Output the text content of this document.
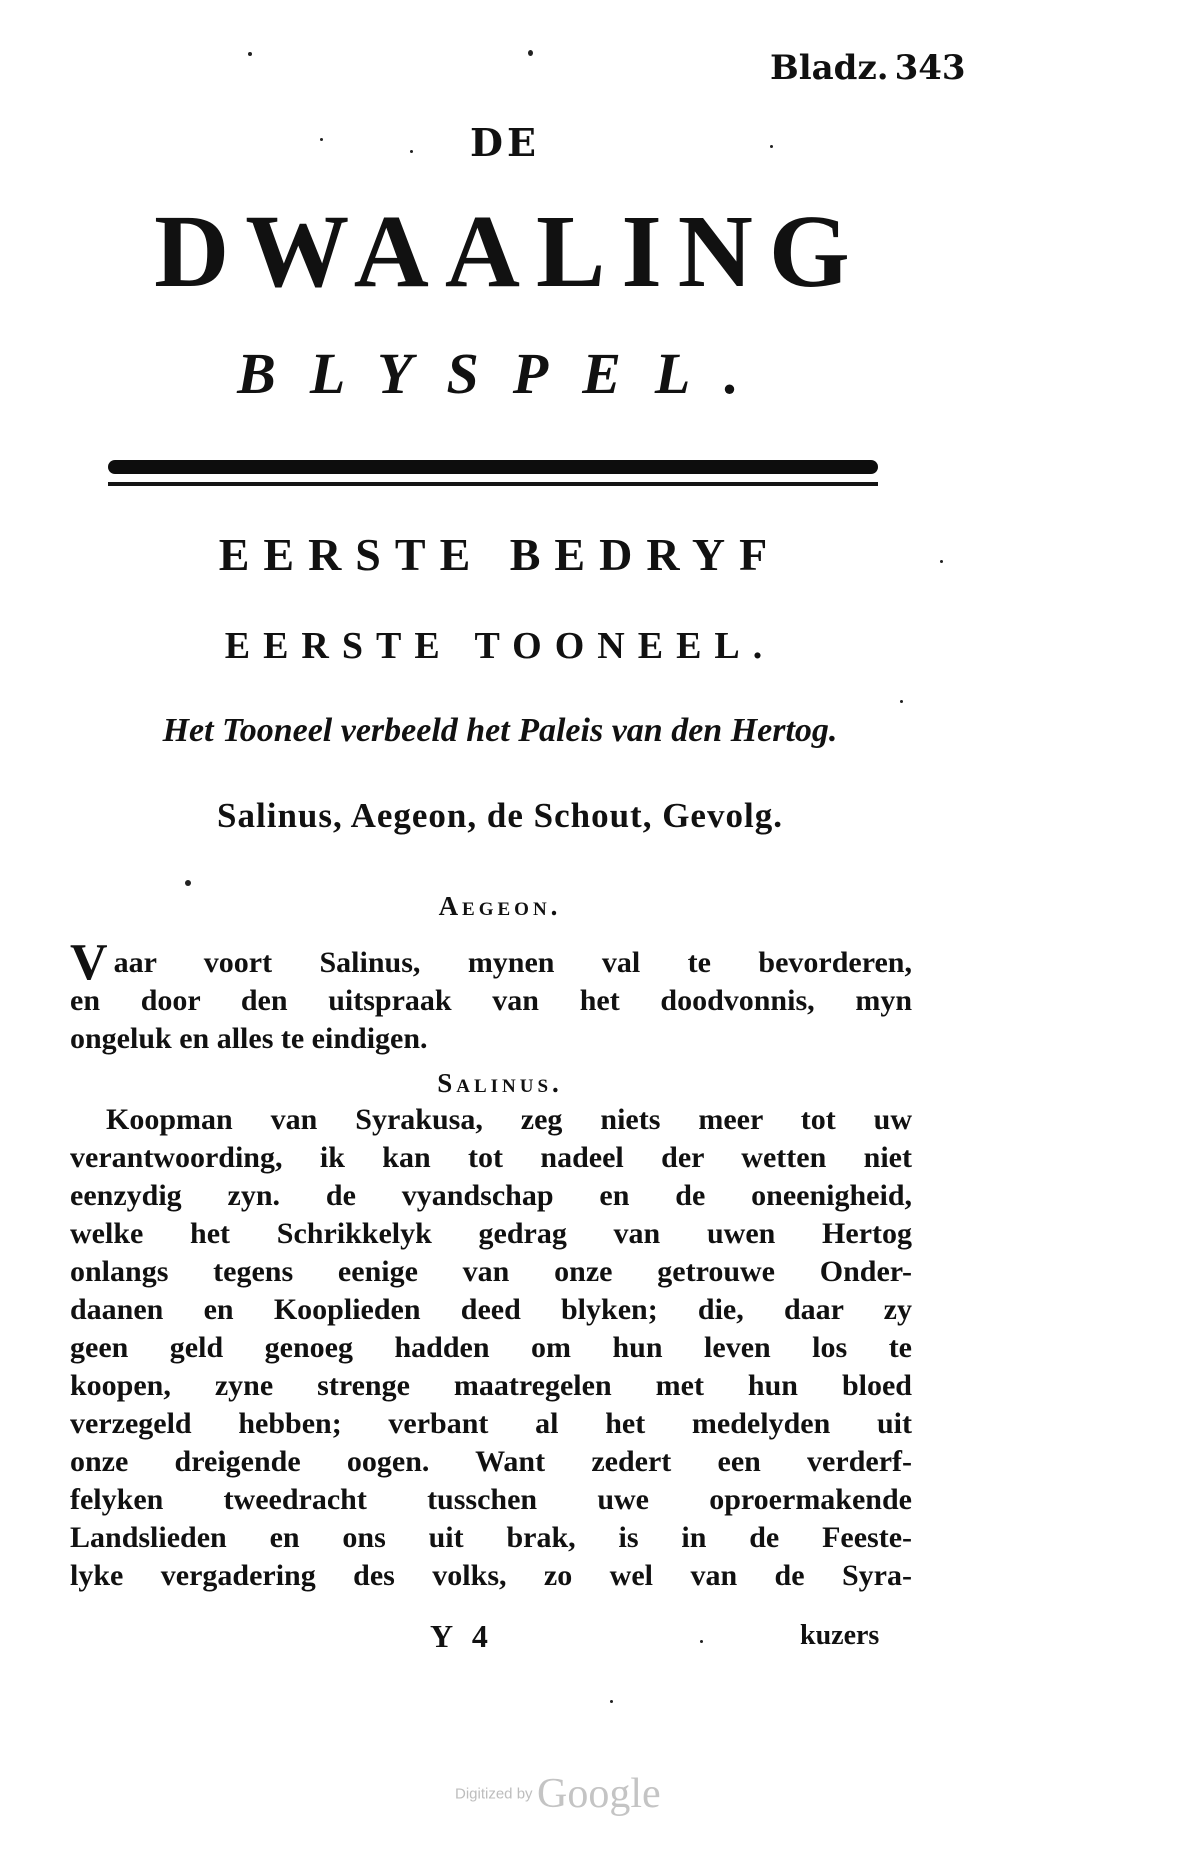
Bladz. 343
DE
DWAALING
BLYSPEL.
EERSTE BEDRYF
EERSTE TOONEEL.
Het Tooneel verbeeld het Paleis van den Hertog.
Salinus, Aegeon, de Schout, Gevolg.
Aegeon.
Vaar voort Salinus, mynen val te bevorderen,
en door den uitspraak van het doodvonnis, myn
ongeluk en alles te eindigen.
Salinus.
Koopman van Syrakusa, zeg niets meer tot uw
verantwoording, ik kan tot nadeel der wetten niet
eenzydig zyn. de vyandschap en de oneenigheid,
welke het Schrikkelyk gedrag van uwen Hertog
onlangs tegens eenige van onze getrouwe Onder-
daanen en Kooplieden deed blyken; die, daar zy
geen geld genoeg hadden om hun leven los te
koopen, zyne strenge maatregelen met hun bloed
verzegeld hebben; verbant al het medelyden uit
onze dreigende oogen. Want zedert een verderf-
felyken tweedracht tusschen uwe oproermakende
Landslieden en ons uit brak, is in de Feeste-
lyke vergadering des volks, zo wel van de Syra-
Y 4	kuzers
Digitized by Google
